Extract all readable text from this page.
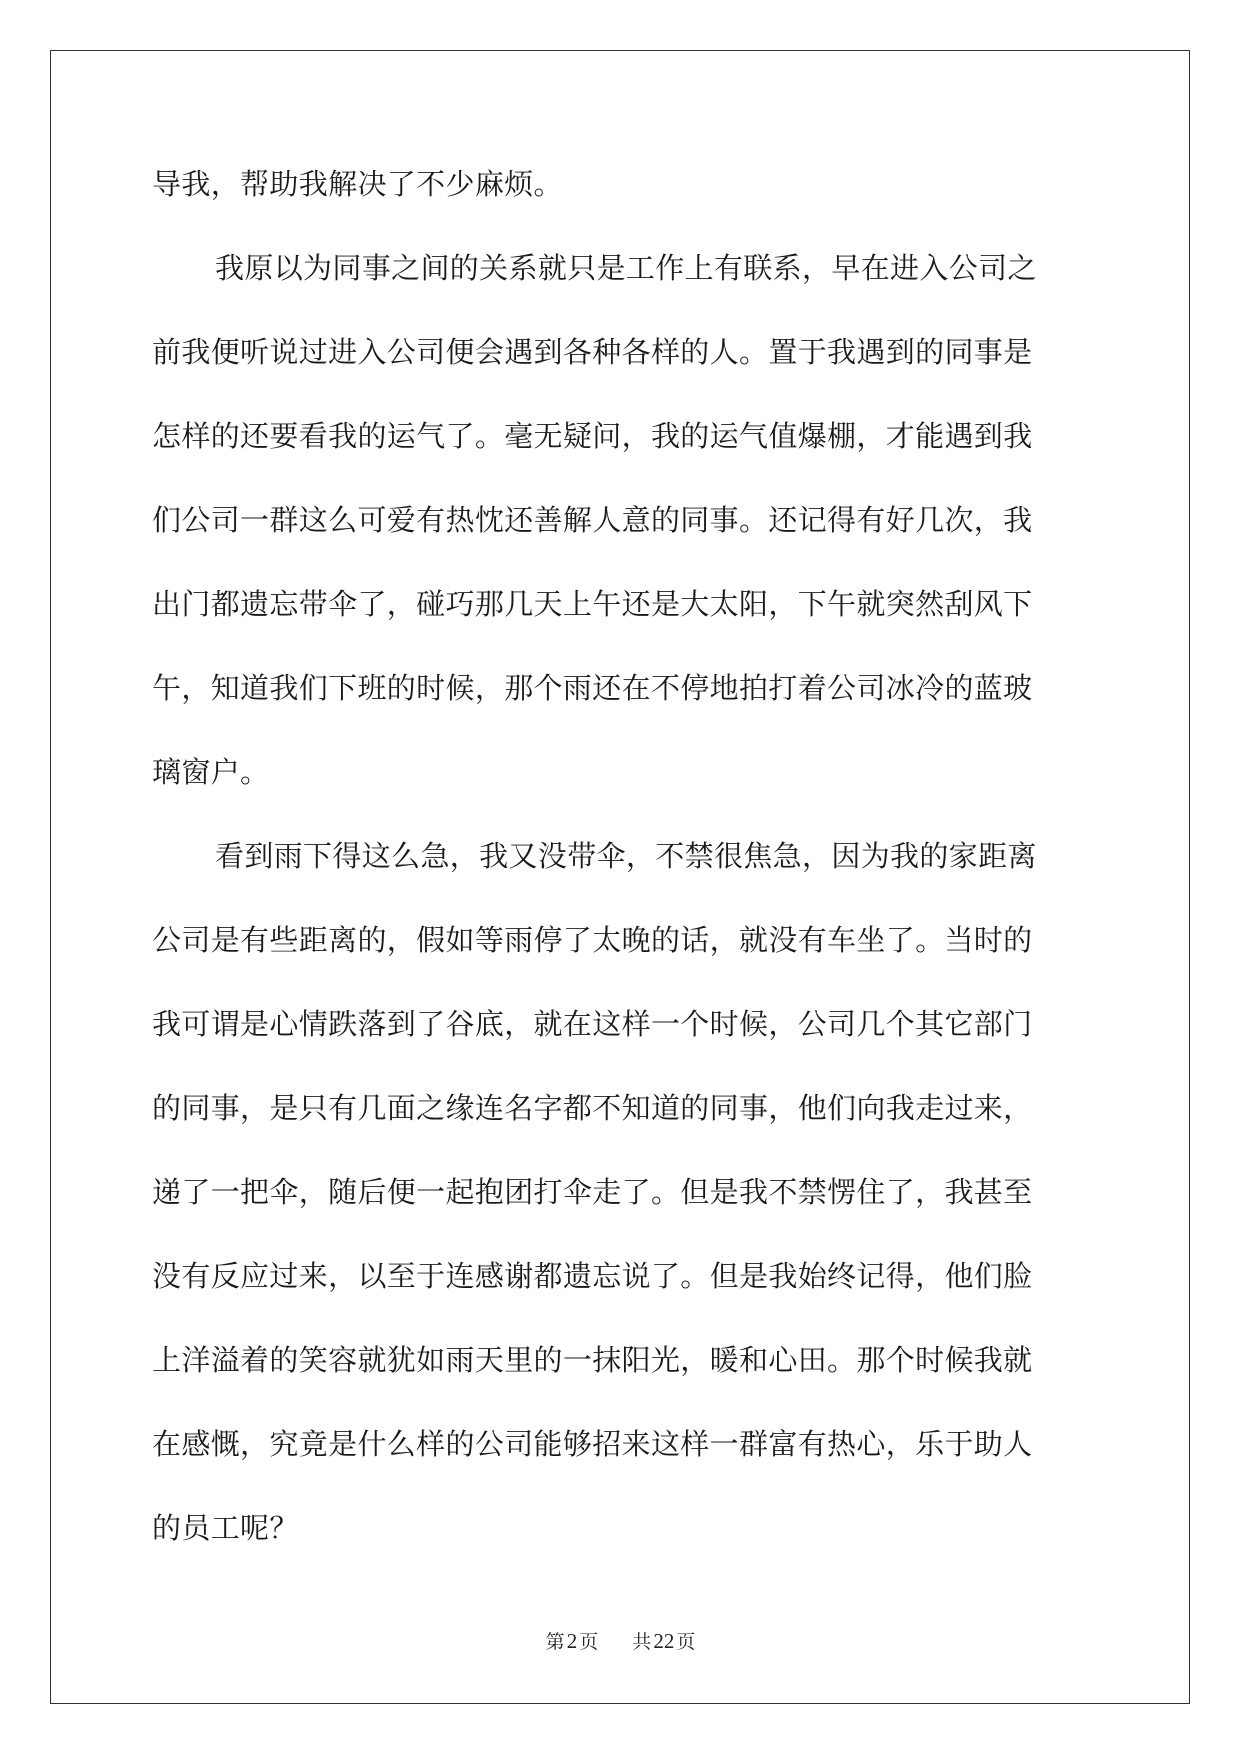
导我，帮助我解决了不少麻烦。
我原以为同事之间的关系就只是工作上有联系，早在进入公司之
前我便听说过进入公司便会遇到各种各样的人。置于我遇到的同事是
怎样的还要看我的运气了。毫无疑问，我的运气值爆棚，才能遇到我
们公司一群这么可爱有热忱还善解人意的同事。还记得有好几次，我
出门都遗忘带伞了，碰巧那几天上午还是大太阳，下午就突然刮风下
午，知道我们下班的时候，那个雨还在不停地拍打着公司冰冷的蓝玻
璃窗户。
看到雨下得这么急，我又没带伞，不禁很焦急，因为我的家距离
公司是有些距离的，假如等雨停了太晚的话，就没有车坐了。当时的
我可谓是心情跌落到了谷底，就在这样一个时候，公司几个其它部门
的同事，是只有几面之缘连名字都不知道的同事，他们向我走过来，
递了一把伞，随后便一起抱团打伞走了。但是我不禁愣住了，我甚至
没有反应过来，以至于连感谢都遗忘说了。但是我始终记得，他们脸
上洋溢着的笑容就犹如雨天里的一抹阳光，暖和心田。那个时候我就
在感慨，究竟是什么样的公司能够招来这样一群富有热心，乐于助人
的员工呢？
第2 页 共22 页
